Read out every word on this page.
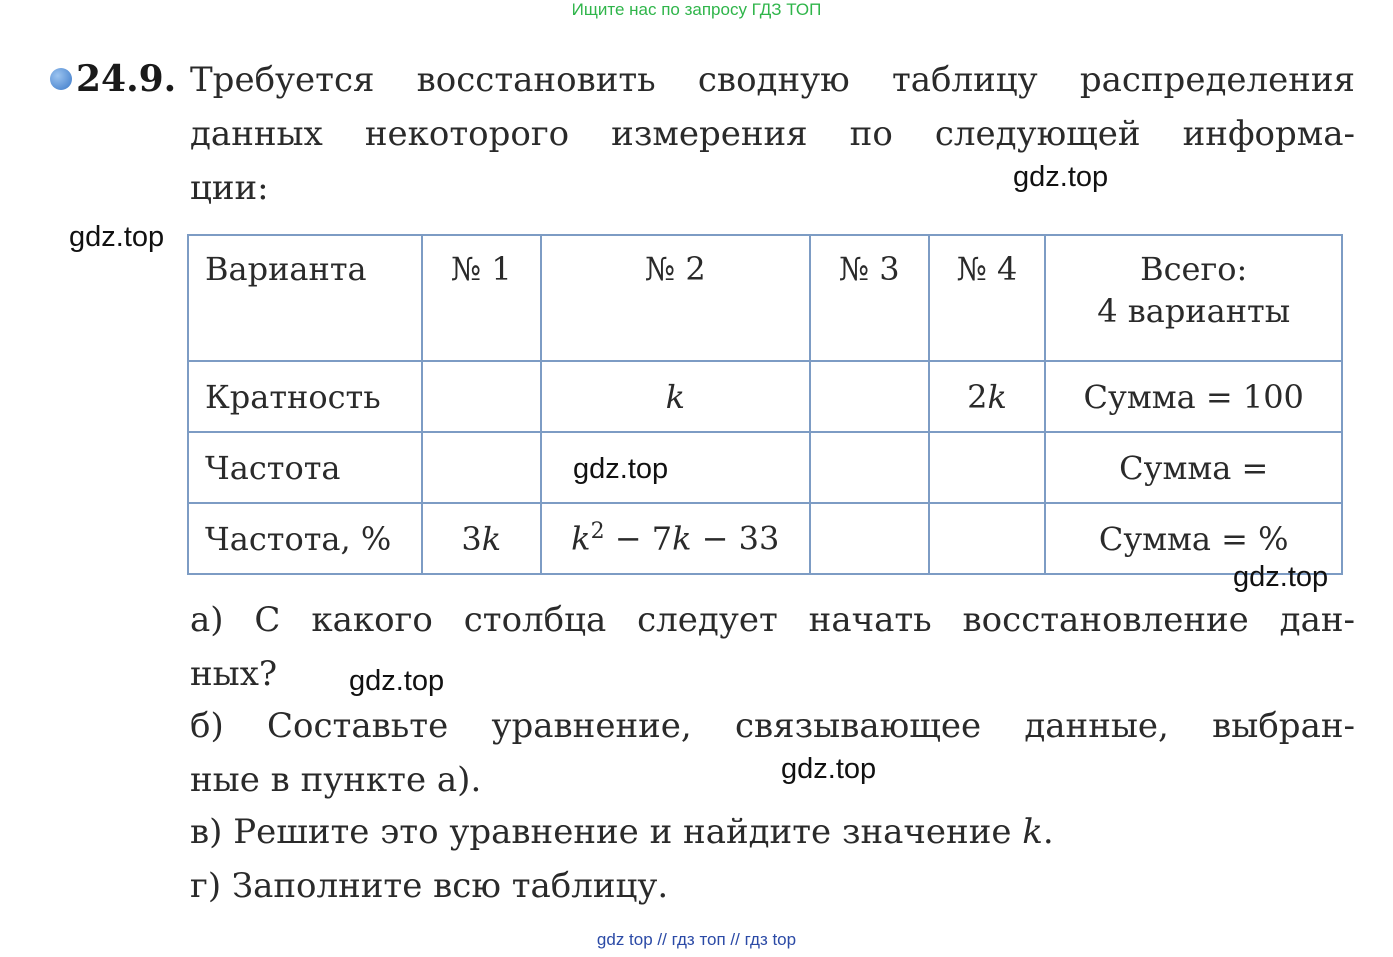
Ищите нас по запросу ГДЗ ТОП
24.9. Требуется восстановить сводную таблицу распределения
данных некоторого измерения по следующей информа-
ции:
Варианта	№ 1	№ 2	№ 3	№ 4	Всего:
4 варианты

Кратность		k		2k	Сумма = 100
Частота					Сумма =
Частота, %	3k	$k^2 - 7k - 33$			Сумма = %
а) С какого столбца следует начать восстановление дан-
ных?
б) Составьте уравнение, связывающее данные, выбран-
ные в пункте а).
в) Решите это уравнение и найдите значение k.
г) Заполните всю таблицу.
gdz.top
gdz.top
gdz.top
gdz.top
gdz.top
gdz.top
gdz top // гдз топ // гдз top
